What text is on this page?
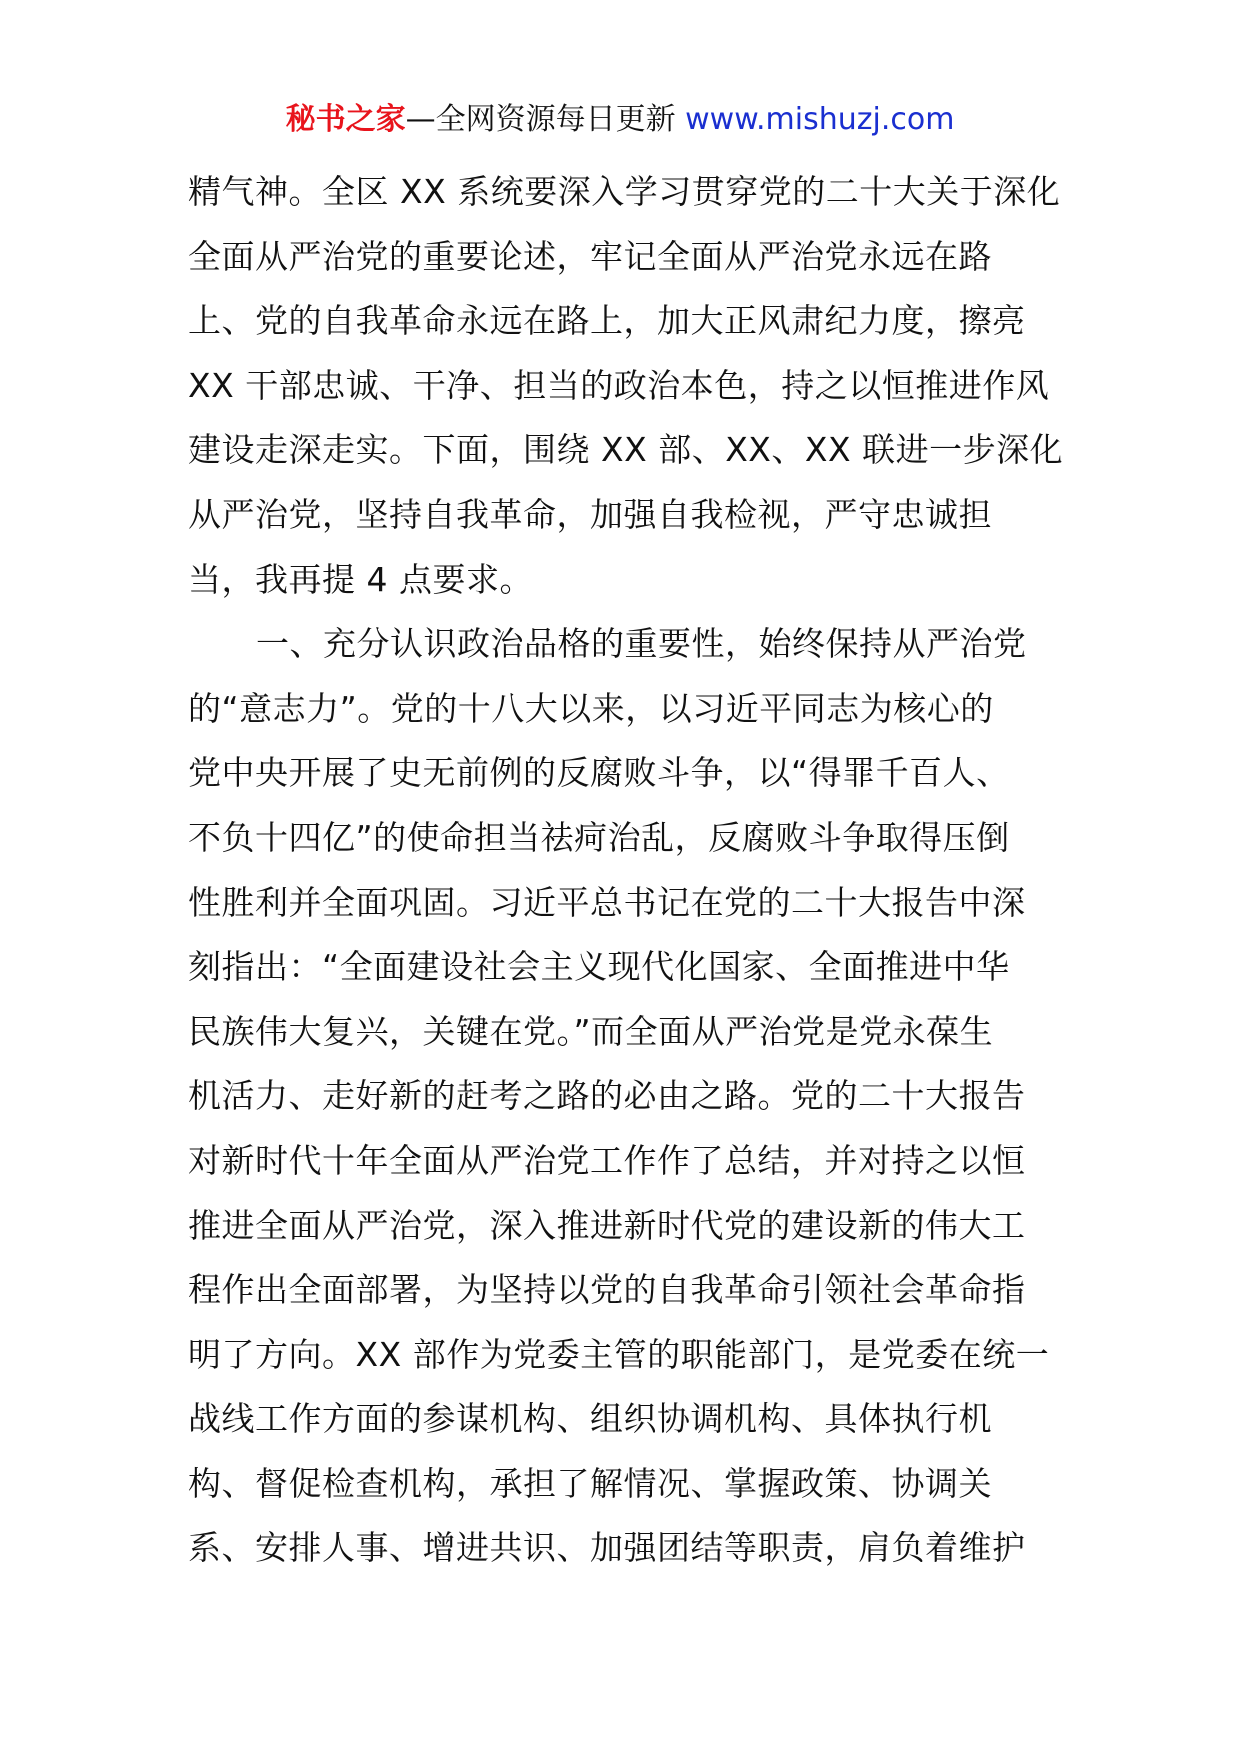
秘书之家—全网资源每日更新 www.mishuzj.com
精气神。全区 XX 系统要深入学习贯穿党的二十大关于深化
全面从严治党的重要论述，牢记全面从严治党永远在路
上、党的自我革命永远在路上，加大正风肃纪力度，擦亮
XX 干部忠诚、干净、担当的政治本色，持之以恒推进作风
建设走深走实。下面，围绕 XX 部、XX、XX 联进一步深化
从严治党，坚持自我革命，加强自我检视，严守忠诚担
当，我再提 4 点要求。
一、充分认识政治品格的重要性，始终保持从严治党
的“意志力”。党的十八大以来，以习近平同志为核心的
党中央开展了史无前例的反腐败斗争，以“得罪千百人、
不负十四亿”的使命担当祛疴治乱，反腐败斗争取得压倒
性胜利并全面巩固。习近平总书记在党的二十大报告中深
刻指出：“全面建设社会主义现代化国家、全面推进中华
民族伟大复兴，关键在党。”而全面从严治党是党永葆生
机活力、走好新的赶考之路的必由之路。党的二十大报告
对新时代十年全面从严治党工作作了总结，并对持之以恒
推进全面从严治党，深入推进新时代党的建设新的伟大工
程作出全面部署，为坚持以党的自我革命引领社会革命指
明了方向。XX 部作为党委主管的职能部门，是党委在统一
战线工作方面的参谋机构、组织协调机构、具体执行机
构、督促检查机构，承担了解情况、掌握政策、协调关
系、安排人事、增进共识、加强团结等职责，肩负着维护
